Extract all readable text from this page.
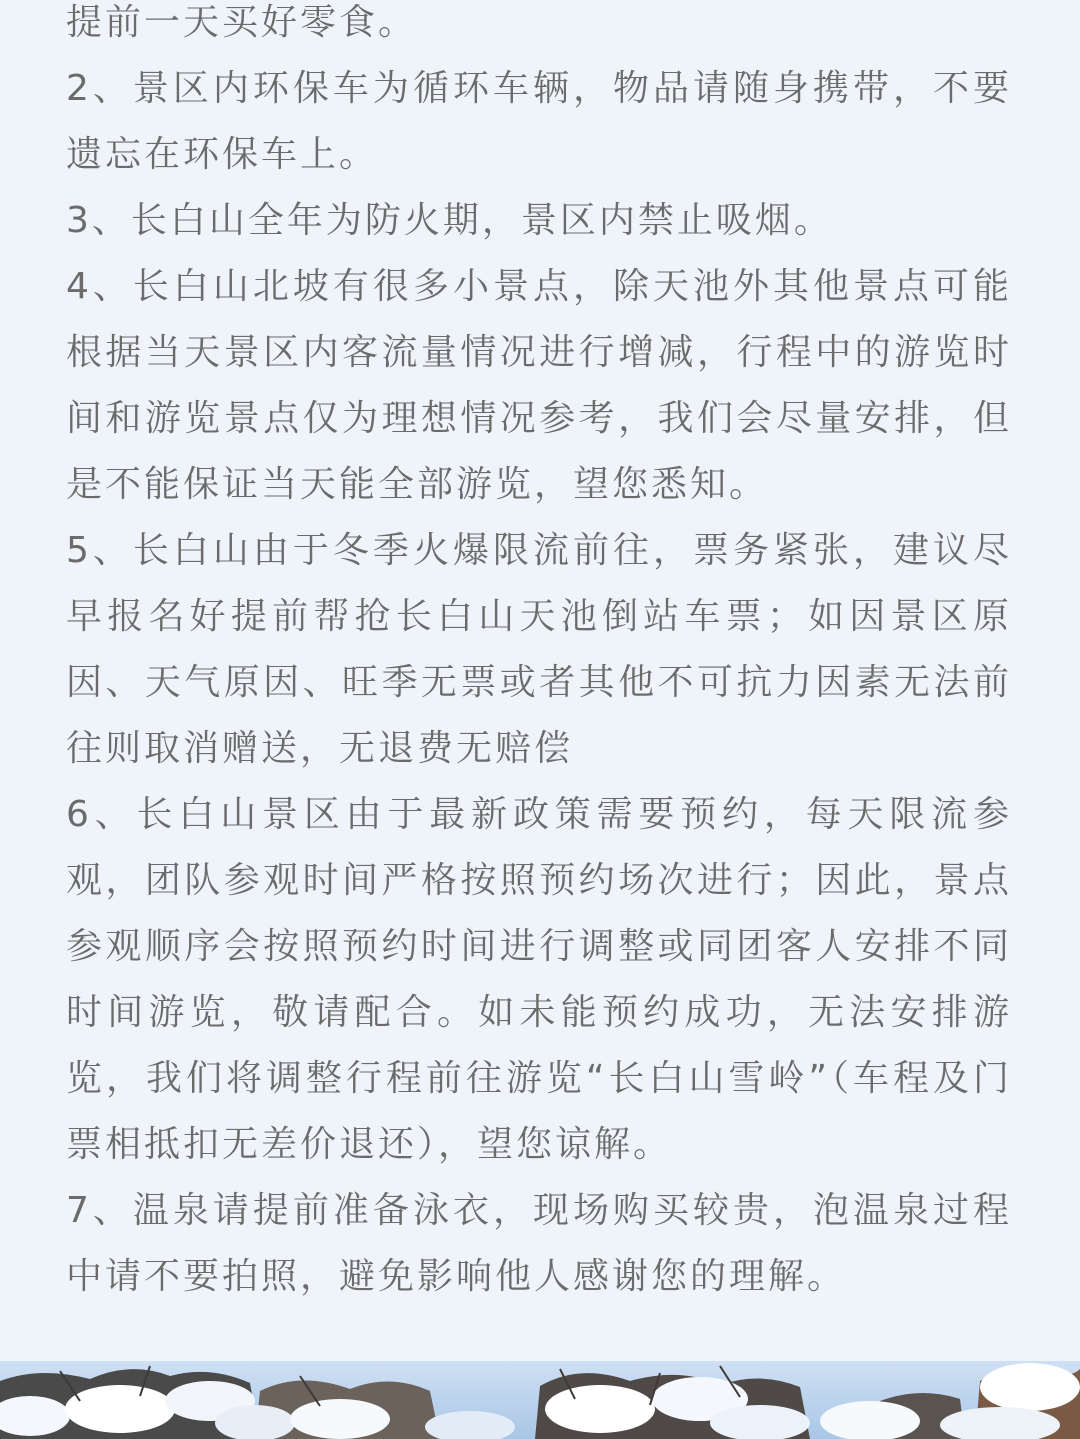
提前一天买好零食。

2、景区内环保车为循环车辆，物品请随身携带，不要遗忘在环保车上。

3、长白山全年为防火期，景区内禁止吸烟。

4、长白山北坡有很多小景点，除天池外其他景点可能根据当天景区内客流量情况进行增减，行程中的游览时间和游览景点仅为理想情况参考，我们会尽量安排，但是不能保证当天能全部游览，望您悉知。

5、长白山由于冬季火爆限流前往，票务紧张，建议尽早报名好提前帮抢长白山天池倒站车票；如因景区原因、天气原因、旺季无票或者其他不可抗力因素无法前往则取消赠送，无退费无赔偿

6、长白山景区由于最新政策需要预约，每天限流参观，团队参观时间严格按照预约场次进行；因此，景点参观顺序会按照预约时间进行调整或同团客人安排不同时间游览，敬请配合。如未能预约成功，无法安排游览，我们将调整行程前往游览“长白山雪岭”（车程及门票相抵扣无差价退还），望您谅解。

7、温泉请提前准备泳衣，现场购买较贵，泡温泉过程中请不要拍照，避免影响他人感谢您的理解。
